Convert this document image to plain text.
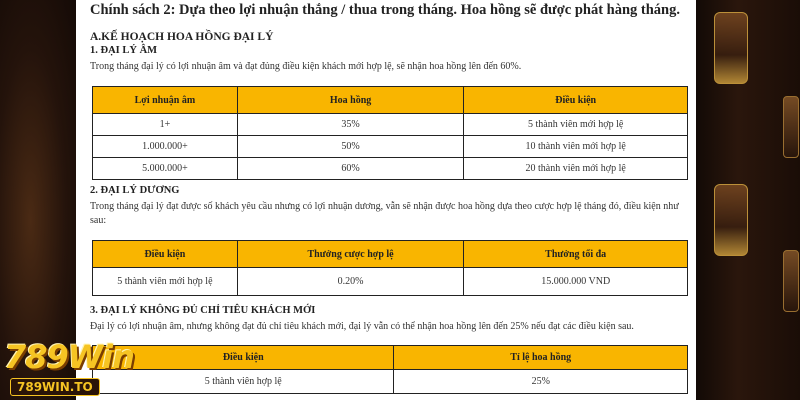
Chính sách 2: Dựa theo lợi nhuận thắng / thua trong tháng. Hoa hồng sẽ được phát hàng tháng.
A.KẾ HOẠCH HOA HỒNG ĐẠI LÝ
1. ĐẠI LÝ ÂM
Trong tháng đại lý có lợi nhuận âm và đạt đủng điều kiện khách mới hợp lệ, sẽ nhận hoa hồng lên đến 60%.
Lợi nhuận âm	Hoa hồng	Điều kiện
1+	35%	5 thành viên mới hợp lệ
1.000.000+	50%	10 thành viên mới hợp lệ
5.000.000+	60%	20 thành viên mới hợp lệ
2. ĐẠI LÝ DƯƠNG
Trong tháng đại lý đạt được số khách yêu cầu nhưng có lợi nhuận dương, vẫn sẽ nhận được hoa hồng dựa theo cược hợp lệ tháng đó, điều kiện như
sau:
Điều kiện	Thưởng cược hợp lệ	Thưởng tối đa
5 thành viên mới hợp lệ	0.20%	15.000.000 VND
3. ĐẠI LÝ KHÔNG ĐỦ CHỈ TIÊU KHÁCH MỚI
Đại lý có lợi nhuận âm, nhưng không đạt đủ chỉ tiêu khách mới, đại lý vẫn có thể nhận hoa hồng lên đến 25% nếu đạt các điều kiện sau.
Điều kiện	Tỉ lệ hoa hồng
5 thành viên hợp lệ	25%
789Win
789WIN.TO
